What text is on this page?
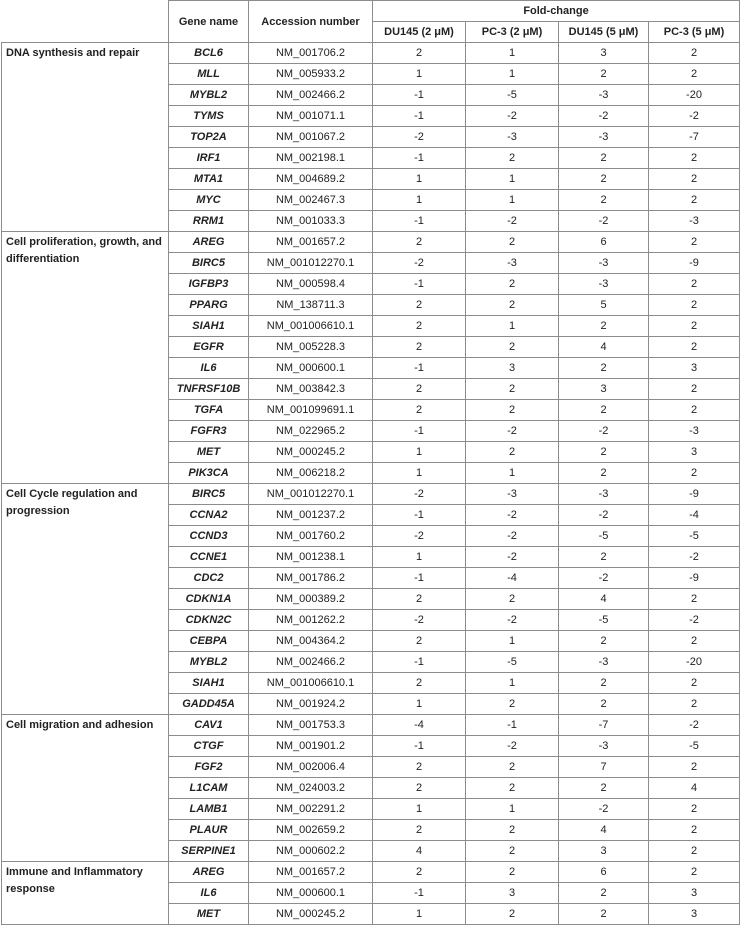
	Gene name	Accession number	Fold-change			
			DU145 (2 μM)	PC-3 (2 μM)	DU145 (5 μM)	PC-3 (5 μM)
DNA synthesis and repair	BCL6	NM_001706.2	2	1	3	2
	MLL	NM_005933.2	1	1	2	2
	MYBL2	NM_002466.2	-1	-5	-3	-20
	TYMS	NM_001071.1	-1	-2	-2	-2
	TOP2A	NM_001067.2	-2	-3	-3	-7
	IRF1	NM_002198.1	-1	2	2	2
	MTA1	NM_004689.2	1	1	2	2
	MYC	NM_002467.3	1	1	2	2
	RRM1	NM_001033.3	-1	-2	-2	-3
Cell proliferation, growth, and differentiation	AREG	NM_001657.2	2	2	6	2
	BIRC5	NM_001012270.1	-2	-3	-3	-9
	IGFBP3	NM_000598.4	-1	2	-3	2
	PPARG	NM_138711.3	2	2	5	2
	SIAH1	NM_001006610.1	2	1	2	2
	EGFR	NM_005228.3	2	2	4	2
	IL6	NM_000600.1	-1	3	2	3
	TNFRSF10B	NM_003842.3	2	2	3	2
	TGFA	NM_001099691.1	2	2	2	2
	FGFR3	NM_022965.2	-1	-2	-2	-3
	MET	NM_000245.2	1	2	2	3
	PIK3CA	NM_006218.2	1	1	2	2
Cell Cycle regulation and progression	BIRC5	NM_001012270.1	-2	-3	-3	-9
	CCNA2	NM_001237.2	-1	-2	-2	-4
	CCND3	NM_001760.2	-2	-2	-5	-5
	CCNE1	NM_001238.1	1	-2	2	-2
	CDC2	NM_001786.2	-1	-4	-2	-9
	CDKN1A	NM_000389.2	2	2	4	2
	CDKN2C	NM_001262.2	-2	-2	-5	-2
	CEBPA	NM_004364.2	2	1	2	2
	MYBL2	NM_002466.2	-1	-5	-3	-20
	SIAH1	NM_001006610.1	2	1	2	2
	GADD45A	NM_001924.2	1	2	2	2
Cell migration and adhesion	CAV1	NM_001753.3	-4	-1	-7	-2
	CTGF	NM_001901.2	-1	-2	-3	-5
	FGF2	NM_002006.4	2	2	7	2
	L1CAM	NM_024003.2	2	2	2	4
	LAMB1	NM_002291.2	1	1	-2	2
	PLAUR	NM_002659.2	2	2	4	2
	SERPINE1	NM_000602.2	4	2	3	2
Immune and Inflammatory response	AREG	NM_001657.2	2	2	6	2
	IL6	NM_000600.1	-1	3	2	3
	MET	NM_000245.2	1	2	2	3
